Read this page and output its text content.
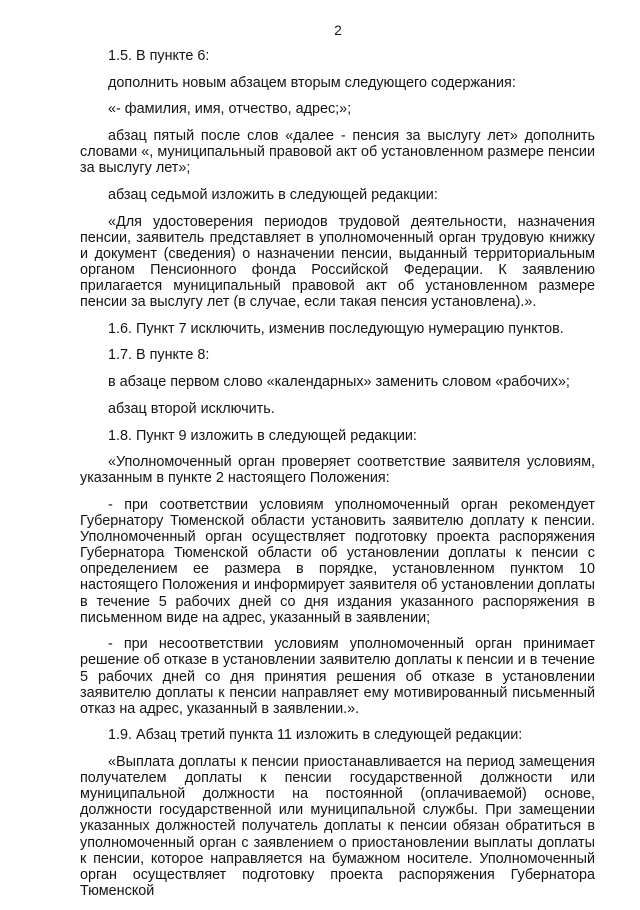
2

1.5. В пункте 6:

дополнить новым абзацем вторым следующего содержания:

«- фамилия, имя, отчество, адрес;»;

абзац пятый после слов «далее - пенсия за выслугу лет» дополнить словами «, муниципальный правовой акт об установленном размере пенсии за выслугу лет»;

абзац седьмой изложить в следующей редакции:

«Для удостоверения периодов трудовой деятельности, назначения пенсии, заявитель представляет в уполномоченный орган трудовую книжку и документ (сведения) о назначении пенсии, выданный территориальным органом Пенсионного фонда Российской Федерации. К заявлению прилагается муниципальный правовой акт об установленном размере пенсии за выслугу лет (в случае, если такая пенсия установлена).».

1.6. Пункт 7 исключить, изменив последующую нумерацию пунктов.

1.7. В пункте 8:

в абзаце первом слово «календарных» заменить словом «рабочих»;

абзац второй исключить.

1.8. Пункт 9 изложить в следующей редакции:

«Уполномоченный орган проверяет соответствие заявителя условиям, указанным в пункте 2 настоящего Положения:

- при соответствии условиям уполномоченный орган рекомендует Губернатору Тюменской области установить заявителю доплату к пенсии. Уполномоченный орган осуществляет подготовку проекта распоряжения Губернатора Тюменской области об установлении доплаты к пенсии с определением ее размера в порядке, установленном пунктом 10 настоящего Положения и информирует заявителя об установлении доплаты в течение 5 рабочих дней со дня издания указанного распоряжения в письменном виде на адрес, указанный в заявлении;

- при несоответствии условиям уполномоченный орган принимает решение об отказе в установлении заявителю доплаты к пенсии и в течение 5 рабочих дней со дня принятия решения об отказе в установлении заявителю доплаты к пенсии направляет ему мотивированный письменный отказ на адрес, указанный в заявлении.».

1.9. Абзац третий пункта 11 изложить в следующей редакции:

«Выплата доплаты к пенсии приостанавливается на период замещения получателем доплаты к пенсии государственной должности или муниципальной должности на постоянной (оплачиваемой) основе, должности государственной или муниципальной службы. При замещении указанных должностей получатель доплаты к пенсии обязан обратиться в уполномоченный орган с заявлением о приостановлении выплаты доплаты к пенсии, которое направляется на бумажном носителе. Уполномоченный орган осуществляет подготовку проекта распоряжения Губернатора Тюменской
